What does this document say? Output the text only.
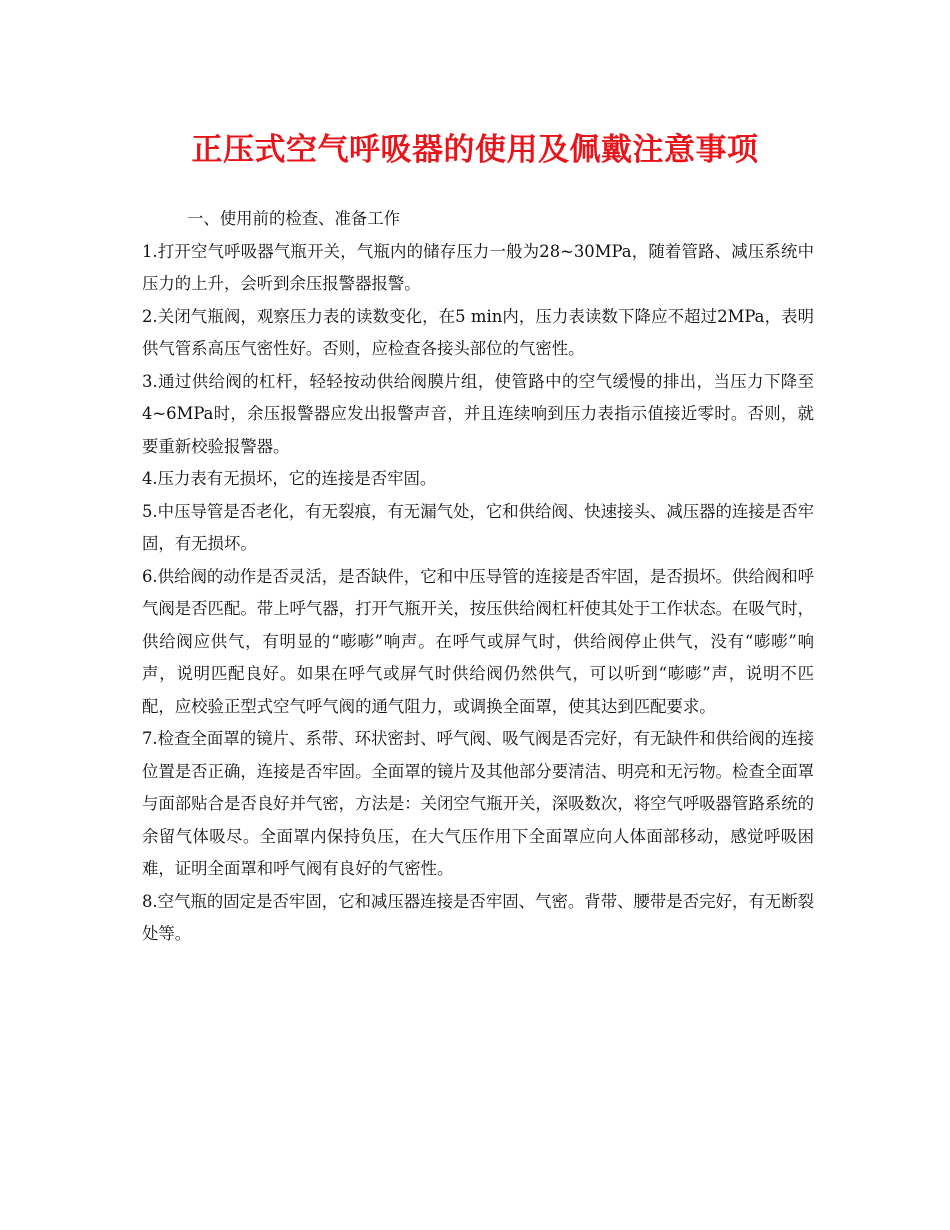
正压式空气呼吸器的使用及佩戴注意事项

一、使用前的检查、准备工作

1.打开空气呼吸器气瓶开关，气瓶内的储存压力一般为28~30MPa，随着管路、减压系统中压力的上升，会听到余压报警器报警。

2.关闭气瓶阀，观察压力表的读数变化，在5 min内，压力表读数下降应不超过2MPa，表明供气管系高压气密性好。否则，应检查各接头部位的气密性。

3.通过供给阀的杠杆，轻轻按动供给阀膜片组，使管路中的空气缓慢的排出，当压力下降至4~6MPa时，余压报警器应发出报警声音，并且连续响到压力表指示值接近零时。否则，就要重新校验报警器。

4.压力表有无损坏，它的连接是否牢固。

5.中压导管是否老化，有无裂痕，有无漏气处，它和供给阀、快速接头、减压器的连接是否牢固，有无损坏。

6.供给阀的动作是否灵活，是否缺件，它和中压导管的连接是否牢固，是否损坏。供给阀和呼气阀是否匹配。带上呼气器，打开气瓶开关，按压供给阀杠杆使其处于工作状态。在吸气时，供给阀应供气，有明显的“嘭嘭”响声。在呼气或屏气时，供给阀停止供气，没有“嘭嘭”响声，说明匹配良好。如果在呼气或屏气时供给阀仍然供气，可以听到“嘭嘭”声，说明不匹配，应校验正型式空气呼气阀的通气阻力，或调换全面罩，使其达到匹配要求。

7.检查全面罩的镜片、系带、环状密封、呼气阀、吸气阀是否完好，有无缺件和供给阀的连接位置是否正确，连接是否牢固。全面罩的镜片及其他部分要清洁、明亮和无污物。检查全面罩与面部贴合是否良好并气密，方法是：关闭空气瓶开关，深吸数次，将空气呼吸器管路系统的余留气体吸尽。全面罩内保持负压，在大气压作用下全面罩应向人体面部移动，感觉呼吸困难，证明全面罩和呼气阀有良好的气密性。

8.空气瓶的固定是否牢固，它和减压器连接是否牢固、气密。背带、腰带是否完好，有无断裂处等。
